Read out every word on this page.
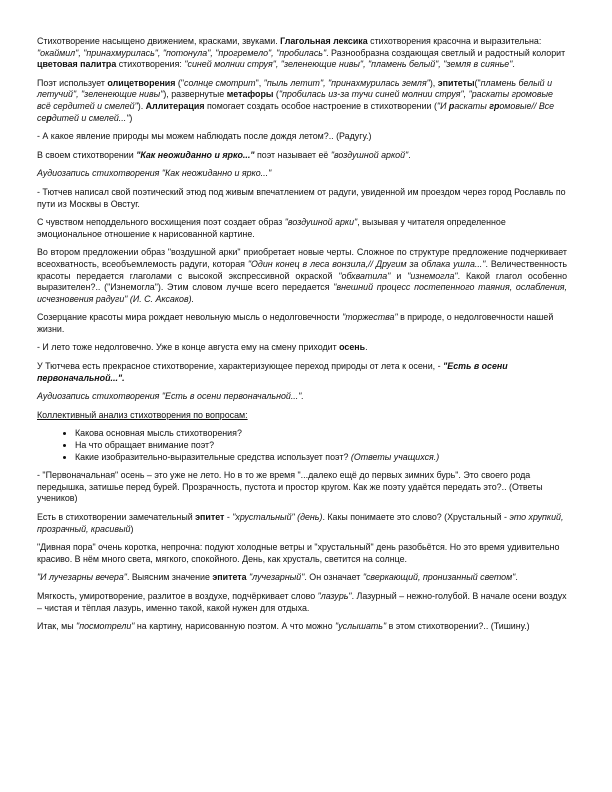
Стихотворение насыщено движением, красками, звуками. Глагольная лексика стихотворения красочна и выразительна: "окаймил", "принахмурилась", "потонула", "прогремело", "пробилась". Разнообразна создающая светлый и радостный колорит цветовая палитра стихотворения: "синей молнии струя", "зеленеющие нивы", "пламень белый", "земля в сиянье".

Поэт использует олицетворения ("солнце смотрит", "пыль летит", "принахмурилась земля"), эпитеты("пламень белый и летучий", "зеленеющие нивы"), развернутые метафоры ("пробилась из-за тучи синей молнии струя", "раскаты громовые всё сердитей и смелей"). Аллитерация помогает создать особое настроение в стихотворении ("И раскаты громовые// Все сердитей и смелей...")

- А какое явление природы мы можем наблюдать после дождя летом?.. (Радугу.)

В своем стихотворении "Как неожиданно и ярко..." поэт называет её "воздушной аркой".

Аудиозапись стихотворения "Как неожиданно и ярко..."

- Тютчев написал свой поэтический этюд под живым впечатлением от радуги, увиденной им проездом через город Рославль по пути из Москвы в Овстуг.

С чувством неподдельного восхищения поэт создает образ "воздушной арки", вызывая у читателя определенное эмоциональное отношение к нарисованной картине.

Во втором предложении образ "воздушной арки" приобретает новые черты. Сложное по структуре предложение подчеркивает всеохватность, всеобъемлемость радуги, которая "Один конец в леса вонзила,// Другим за облака ушла...". Величественность красоты передается глаголами с высокой экспрессивной окраской "обхватила" и "изнемогла". Какой глагол особенно выразителен?.. ("Изнемогла"). Этим словом лучше всего передается "внешний процесс постепенного таяния, ослабления, исчезновения радуги" (И. С. Аксаков).

Созерцание красоты мира рождает невольную мысль о недолговечности "торжества" в природе, о недолговечности нашей жизни.

- И лето тоже недолговечно. Уже в конце августа ему на смену приходит осень.

У Тютчева есть прекрасное стихотворение, характеризующее переход природы от лета к осени, - "Есть в осени первоначальной...".

Аудиозапись стихотворения "Есть в осени первоначальной...".

Коллективный анализ стихотворения по вопросам:

• Какова основная мысль стихотворения?
• На что обращает внимание поэт?
• Какие изобразительно-выразительные средства использует поэт? (Ответы учащихся.)

- "Первоначальная" осень – это уже не лето. Но в то же время "...далеко ещё до первых зимних бурь". Это своего рода передышка, затишье перед бурей. Прозрачность, пустота и простор кругом. Как же поэту удаётся передать это?.. (Ответы учеников)

Есть в стихотворении замечательный эпитет - "хрустальный" (день). Какы понимаете это слово? (Хрустальный - это хрупкий, прозрачный, красивый)

"Дивная пора" очень коротка, непрочна: подуют холодные ветры и "хрустальный" день разобьётся. Но это время удивительно красиво. В нём много света, мягкого, спокойного. День, как хрусталь, светится на солнце.

"И лучезарны вечера". Выясним значение эпитета "лучезарный". Он означает "сверкающий, пронизанный светом".

Мягкость, умиротворение, разлитое в воздухе, подчёркивает слово "лазурь". Лазурный – нежно-голубой. В начале осени воздух – чистая и тёплая лазурь, именно такой, какой нужен для отдыха.

Итак, мы "посмотрели" на картину, нарисованную поэтом. А что можно "услышать" в этом стихотворении?.. (Тишину.)
